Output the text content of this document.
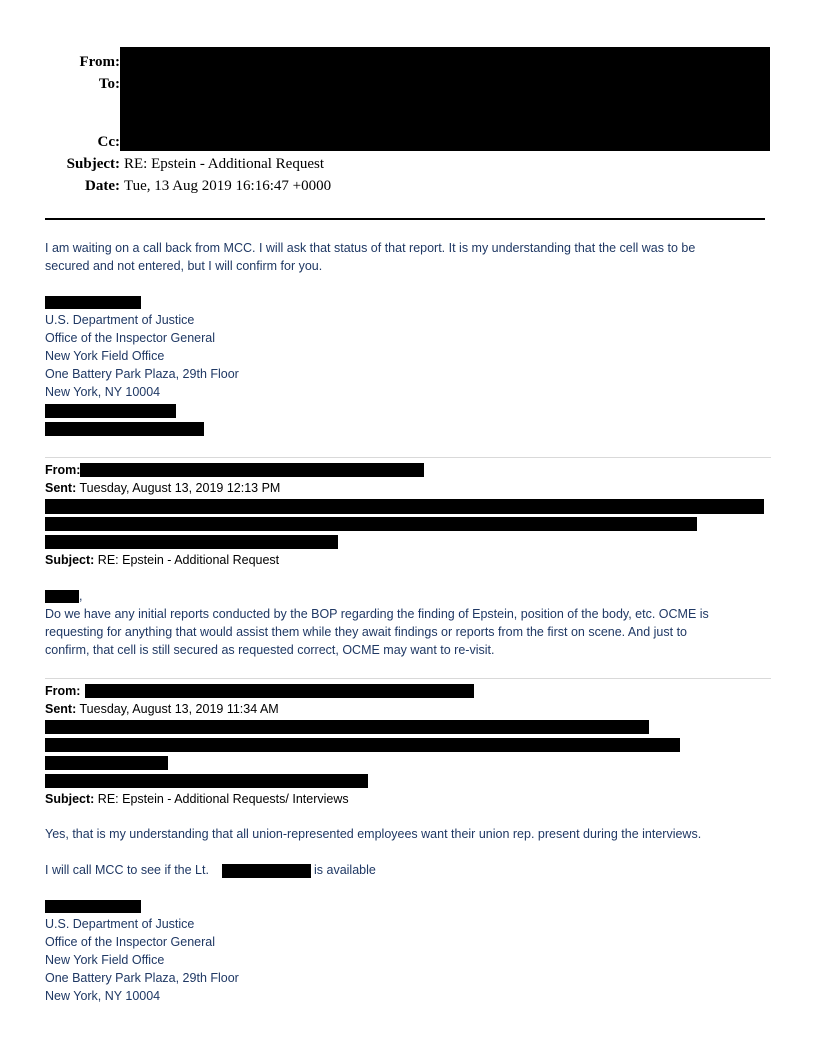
From:
To:
Cc:
Subject: RE: Epstein - Additional Request
Date: Tue, 13 Aug 2019 16:16:47 +0000
I am waiting on a call back from MCC. I will ask that status of that report. It is my understanding that the cell was to be
secured and not entered, but I will confirm for you.
U.S. Department of Justice
Office of the Inspector General
New York Field Office
One Battery Park Plaza, 29th Floor
New York, NY 10004
From:
Sent: Tuesday, August 13, 2019 12:13 PM
Subject: RE: Epstein - Additional Request
,
Do we have any initial reports conducted by the BOP regarding the finding of Epstein, position of the body, etc. OCME is
requesting for anything that would assist them while they await findings or reports from the first on scene. And just to
confirm, that cell is still secured as requested correct, OCME may want to re-visit.
From:
Sent: Tuesday, August 13, 2019 11:34 AM
Subject: RE: Epstein - Additional Requests/ Interviews
Yes, that is my understanding that all union-represented employees want their union rep. present during the interviews.
I will call MCC to see if the Lt.	is available
U.S. Department of Justice
Office of the Inspector General
New York Field Office
One Battery Park Plaza, 29th Floor
New York, NY 10004
